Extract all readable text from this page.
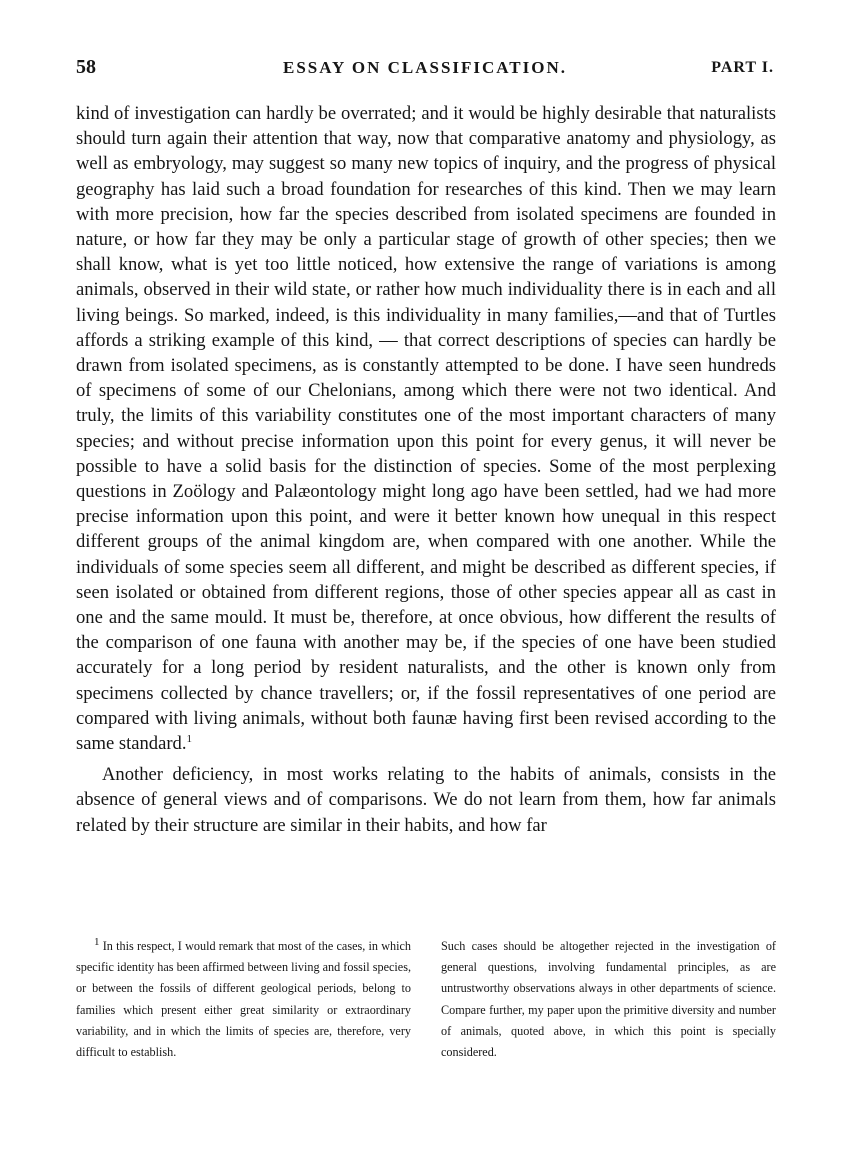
58	ESSAY ON CLASSIFICATION.	PART I.

kind of investigation can hardly be overrated; and it would be highly desirable that naturalists should turn again their attention that way, now that comparative anatomy and physiology, as well as embryology, may suggest so many new topics of inquiry, and the progress of physical geography has laid such a broad foundation for researches of this kind. Then we may learn with more precision, how far the species described from isolated specimens are founded in nature, or how far they may be only a particular stage of growth of other species; then we shall know, what is yet too little noticed, how extensive the range of variations is among animals, observed in their wild state, or rather how much individuality there is in each and all living beings. So marked, indeed, is this individuality in many families,—and that of Turtles affords a striking example of this kind, — that correct descriptions of species can hardly be drawn from isolated specimens, as is constantly attempted to be done. I have seen hundreds of specimens of some of our Chelonians, among which there were not two identical. And truly, the limits of this variability constitutes one of the most important characters of many species; and without precise information upon this point for every genus, it will never be possible to have a solid basis for the distinction of species. Some of the most perplexing questions in Zoölogy and Palæontology might long ago have been settled, had we had more precise information upon this point, and were it better known how unequal in this respect different groups of the animal kingdom are, when compared with one another. While the individuals of some species seem all different, and might be described as different species, if seen isolated or obtained from different regions, those of other species appear all as cast in one and the same mould. It must be, therefore, at once obvious, how different the results of the comparison of one fauna with another may be, if the species of one have been studied accurately for a long period by resident naturalists, and the other is known only from specimens collected by chance travellers; or, if the fossil representatives of one period are compared with living animals, without both faunæ having first been revised according to the same standard.$^1$

Another deficiency, in most works relating to the habits of animals, consists in the absence of general views and of comparisons. We do not learn from them, how far animals related by their structure are similar in their habits, and how far

$^1$ In this respect, I would remark that most of the cases, in which specific identity has been affirmed between living and fossil species, or between the fossils of different geological periods, belong to families which present either great similarity or extraordinary variability, and in which the limits of species are, therefore, very difficult to establish.

Such cases should be altogether rejected in the investigation of general questions, involving fundamental principles, as are untrustworthy observations always in other departments of science. Compare further, my paper upon the primitive diversity and number of animals, quoted above, in which this point is specially considered.
